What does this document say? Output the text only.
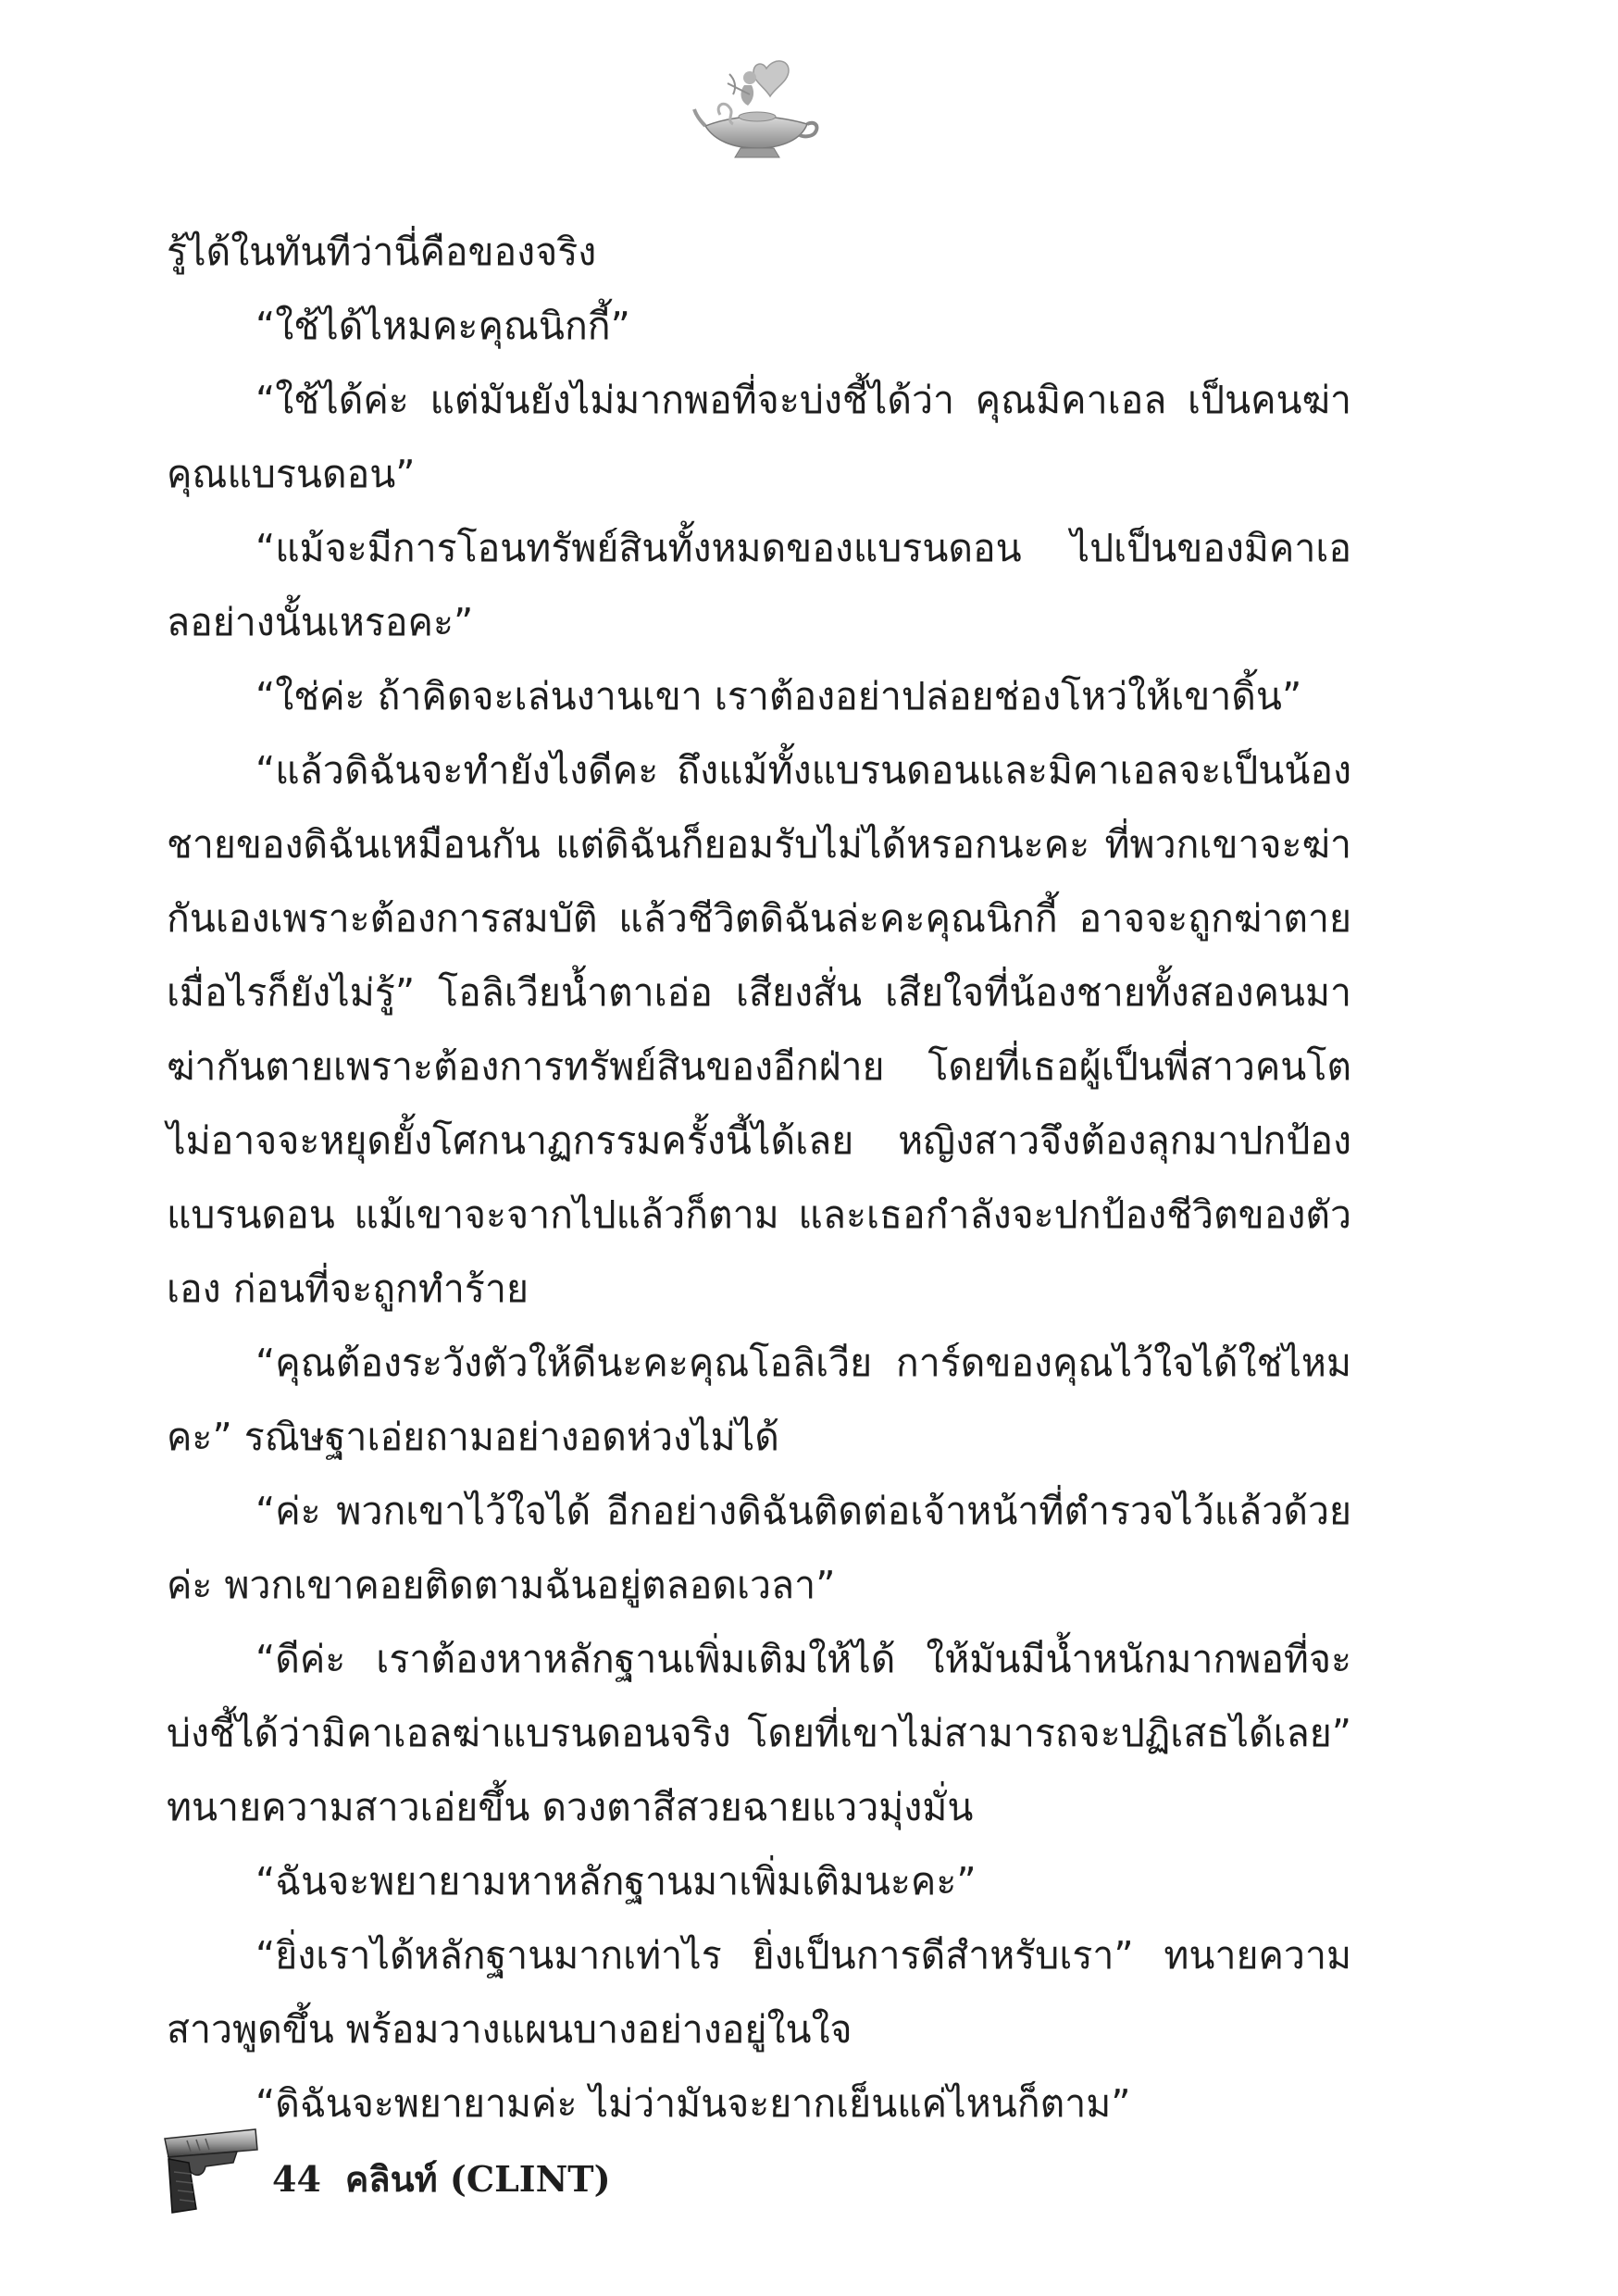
รู้ได้ในทันทีว่านี่คือของจริง

“ใช้ได้ไหมคะคุณนิกกี้”

“ใช้ได้ค่ะ แต่มันยังไม่มากพอที่จะบ่งชี้ได้ว่า คุณมิคาเอล เป็นคนฆ่าคุณแบรนดอน”

“แม้จะมีการโอนทรัพย์สินทั้งหมดของแบรนดอน ไปเป็นของมิคาเอลอย่างนั้นเหรอคะ”

“ใช่ค่ะ ถ้าคิดจะเล่นงานเขา เราต้องอย่าปล่อยช่องโหว่ให้เขาดิ้น”

“แล้วดิฉันจะทำยังไงดีคะ ถึงแม้ทั้งแบรนดอนและมิคาเอลจะเป็นน้องชายของดิฉันเหมือนกัน แต่ดิฉันก็ยอมรับไม่ได้หรอกนะคะ ที่พวกเขาจะฆ่ากันเองเพราะต้องการสมบัติ แล้วชีวิตดิฉันล่ะคะคุณนิกกี้ อาจจะถูกฆ่าตายเมื่อไรก็ยังไม่รู้” โอลิเวียน้ำตาเอ่อ เสียงสั่น เสียใจที่น้องชายทั้งสองคนมาฆ่ากันตายเพราะต้องการทรัพย์สินของอีกฝ่าย โดยที่เธอผู้เป็นพี่สาวคนโต ไม่อาจจะหยุดยั้งโศกนาฏกรรมครั้งนี้ได้เลย หญิงสาวจึงต้องลุกมาปกป้องแบรนดอน แม้เขาจะจากไปแล้วก็ตาม และเธอกำลังจะปกป้องชีวิตของตัวเอง ก่อนที่จะถูกทำร้าย

“คุณต้องระวังตัวให้ดีนะคะคุณโอลิเวีย การ์ดของคุณไว้ใจได้ใช่ไหมคะ” รณิษฐาเอ่ยถามอย่างอดห่วงไม่ได้

“ค่ะ พวกเขาไว้ใจได้ อีกอย่างดิฉันติดต่อเจ้าหน้าที่ตำรวจไว้แล้วด้วยค่ะ พวกเขาคอยติดตามฉันอยู่ตลอดเวลา”

“ดีค่ะ เราต้องหาหลักฐานเพิ่มเติมให้ได้ ให้มันมีน้ำหนักมากพอที่จะบ่งชี้ได้ว่ามิคาเอลฆ่าแบรนดอนจริง โดยที่เขาไม่สามารถจะปฏิเสธได้เลย” ทนายความสาวเอ่ยขึ้น ดวงตาสีสวยฉายแววมุ่งมั่น

“ฉันจะพยายามหาหลักฐานมาเพิ่มเติมนะคะ”

“ยิ่งเราได้หลักฐานมากเท่าไร ยิ่งเป็นการดีสำหรับเรา” ทนายความสาวพูดขึ้น พร้อมวางแผนบางอย่างอยู่ในใจ

“ดิฉันจะพยายามค่ะ ไม่ว่ามันจะยากเย็นแค่ไหนก็ตาม”

44 คลินท์ (CLINT)
